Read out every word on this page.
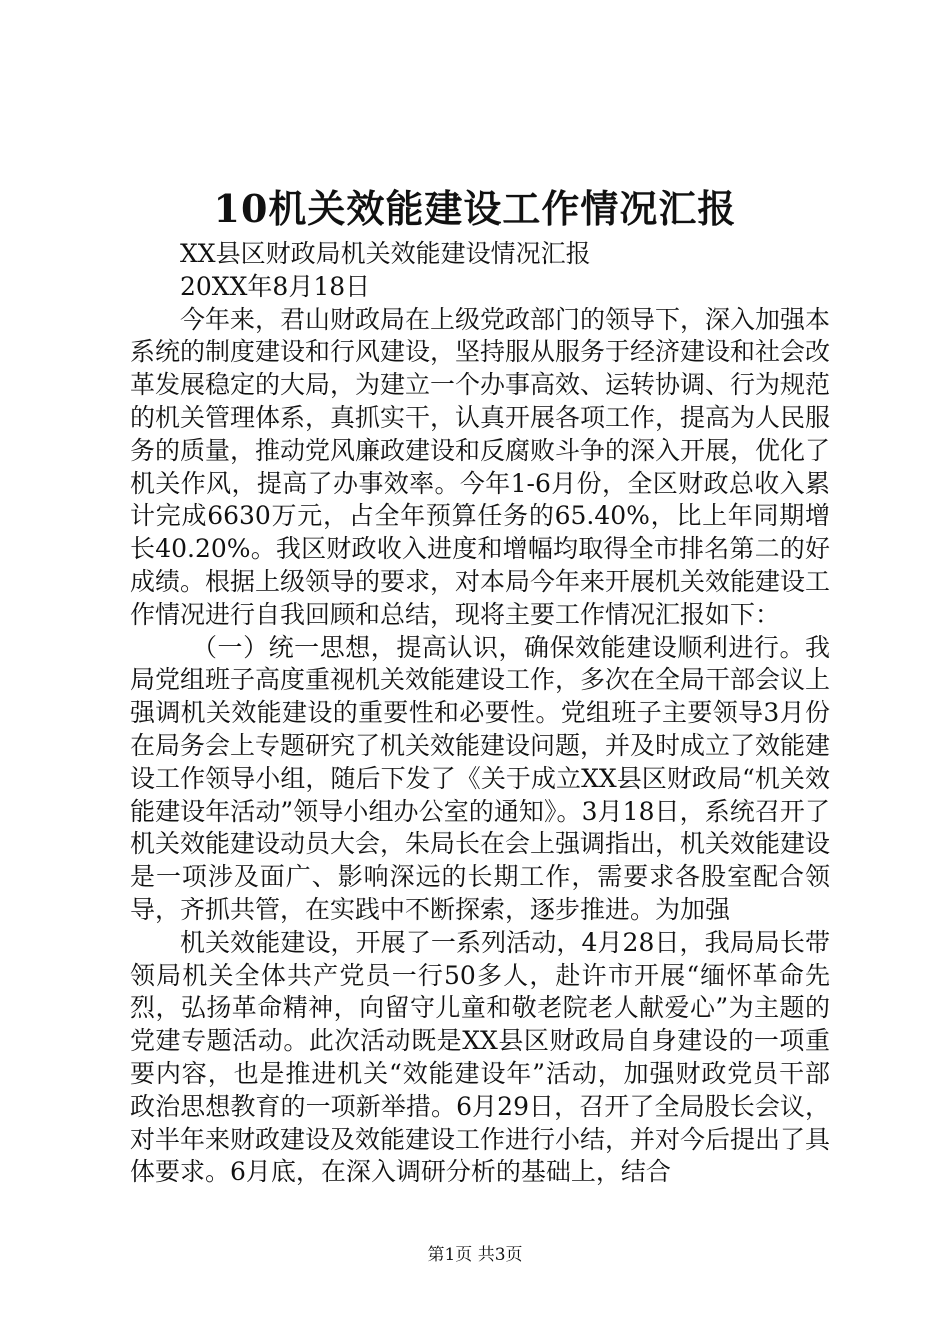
10机关效能建设工作情况汇报

XX县区财政局机关效能建设情况汇报

20XX年8月18日

今年来，君山财政局在上级党政部门的领导下，深入加强本系统的制度建设和行风建设，坚持服从服务于经济建设和社会改革发展稳定的大局，为建立一个办事高效、运转协调、行为规范的机关管理体系，真抓实干，认真开展各项工作，提高为人民服务的质量，推动党风廉政建设和反腐败斗争的深入开展，优化了机关作风，提高了办事效率。今年1-6月份，全区财政总收入累计完成6630万元，占全年预算任务的65.40%，比上年同期增长40.20%。我区财政收入进度和增幅均取得全市排名第二的好成绩。根据上级领导的要求，对本局今年来开展机关效能建设工作情况进行自我回顾和总结，现将主要工作情况汇报如下：

（一）统一思想，提高认识，确保效能建设顺利进行。我局党组班子高度重视机关效能建设工作，多次在全局干部会议上强调机关效能建设的重要性和必要性。党组班子主要领导3月份在局务会上专题研究了机关效能建设问题，并及时成立了效能建设工作领导小组，随后下发了《关于成立XX县区财政局“机关效能建设年活动”领导小组办公室的通知》。3月18日，系统召开了机关效能建设动员大会，朱局长在会上强调指出，机关效能建设是一项涉及面广、影响深远的长期工作，需要求各股室配合领导，齐抓共管，在实践中不断探索，逐步推进。为加强

机关效能建设，开展了一系列活动，4月28日，我局局长带领局机关全体共产党员一行50多人，赴许市开展“缅怀革命先烈，弘扬革命精神，向留守儿童和敬老院老人献爱心”为主题的党建专题活动。此次活动既是XX县区财政局自身建设的一项重要内容，也是推进机关“效能建设年”活动，加强财政党员干部政治思想教育的一项新举措。6月29日，召开了全局股长会议，对半年来财政建设及效能建设工作进行小结，并对今后提出了具体要求。6月底，在深入调研分析的基础上，结合

第1页 共3页
